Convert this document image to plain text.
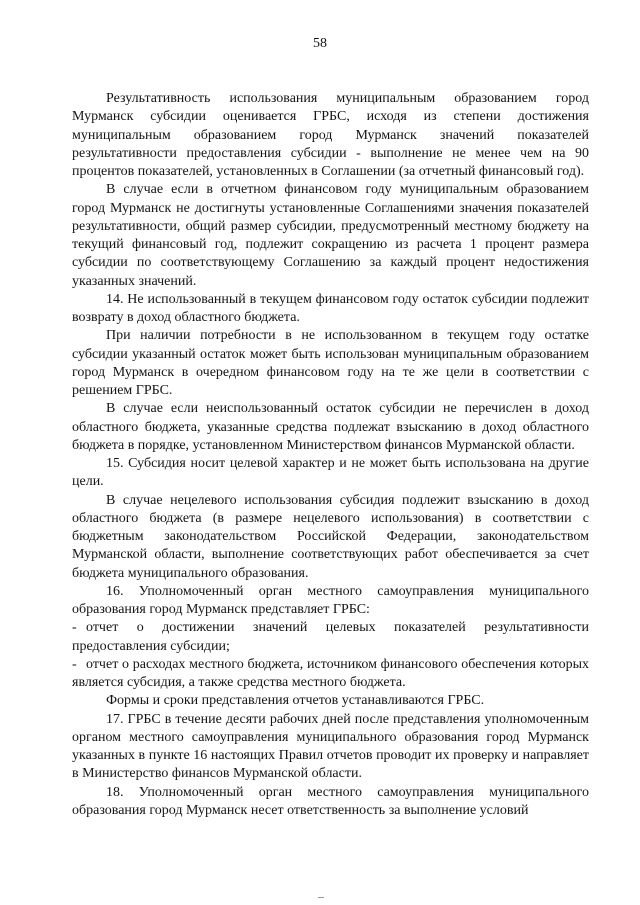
58

Результативность использования муниципальным образованием город Мурманск субсидии оценивается ГРБС, исходя из степени достижения муниципальным образованием город Мурманск значений показателей результативности предоставления субсидии - выполнение не менее чем на 90 процентов показателей, установленных в Соглашении (за отчетный финансовый год).

В случае если в отчетном финансовом году муниципальным образованием город Мурманск не достигнуты установленные Соглашениями значения показателей результативности, общий размер субсидии, предусмотренный местному бюджету на текущий финансовый год, подлежит сокращению из расчета 1 процент размера субсидии по соответствующему Соглашению за каждый процент недостижения указанных значений.

14. Не использованный в текущем финансовом году остаток субсидии подлежит возврату в доход областного бюджета.

При наличии потребности в не использованном в текущем году остатке субсидии указанный остаток может быть использован муниципальным образованием город Мурманск в очередном финансовом году на те же цели в соответствии с решением ГРБС.

В случае если неиспользованный остаток субсидии не перечислен в доход областного бюджета, указанные средства подлежат взысканию в доход областного бюджета в порядке, установленном Министерством финансов Мурманской области.

15. Субсидия носит целевой характер и не может быть использована на другие цели.

В случае нецелевого использования субсидия подлежит взысканию в доход областного бюджета (в размере нецелевого использования) в соответствии с бюджетным законодательством Российской Федерации, законодательством Мурманской области, выполнение соответствующих работ обеспечивается за счет бюджета муниципального образования.

16. Уполномоченный орган местного самоуправления муниципального образования город Мурманск представляет ГРБС:

- отчет о достижении значений целевых показателей результативности предоставления субсидии;

- отчет о расходах местного бюджета, источником финансового обеспечения которых является субсидия, а также средства местного бюджета.

Формы и сроки представления отчетов устанавливаются ГРБС.

17. ГРБС в течение десяти рабочих дней после представления уполномоченным органом местного самоуправления муниципального образования город Мурманск указанных в пункте 16 настоящих Правил отчетов проводит их проверку и направляет в Министерство финансов Мурманской области.

18. Уполномоченный орган местного самоуправления муниципального образования город Мурманск несет ответственность за выполнение условий
